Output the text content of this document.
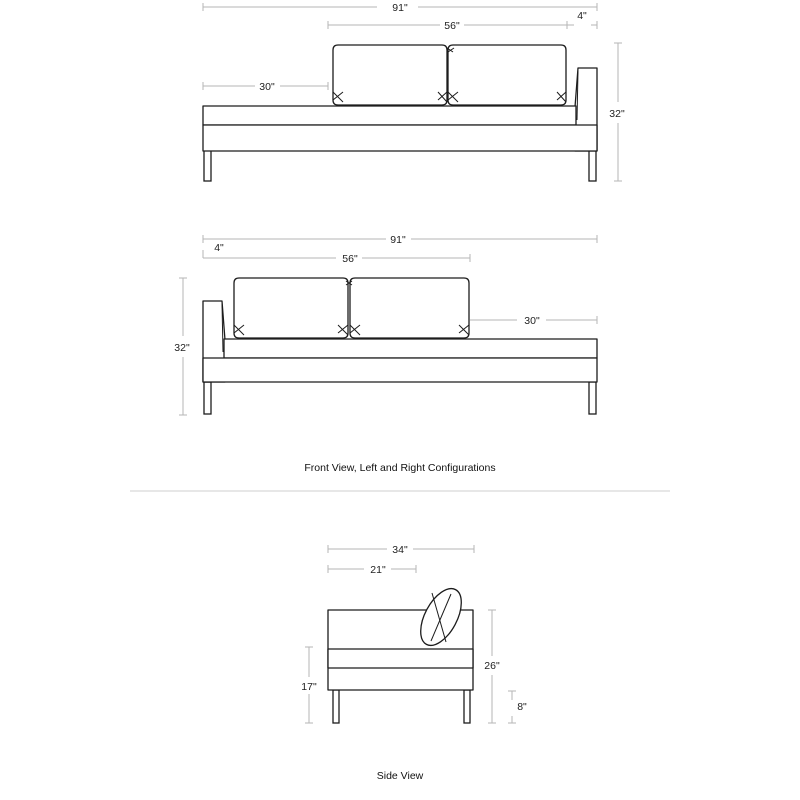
91"
56"
4"
30"
32"
91"
4"
56"
30"
32"
Front View, Left and Right Configurations
34"
21"
17"
26"
8"
Side View
